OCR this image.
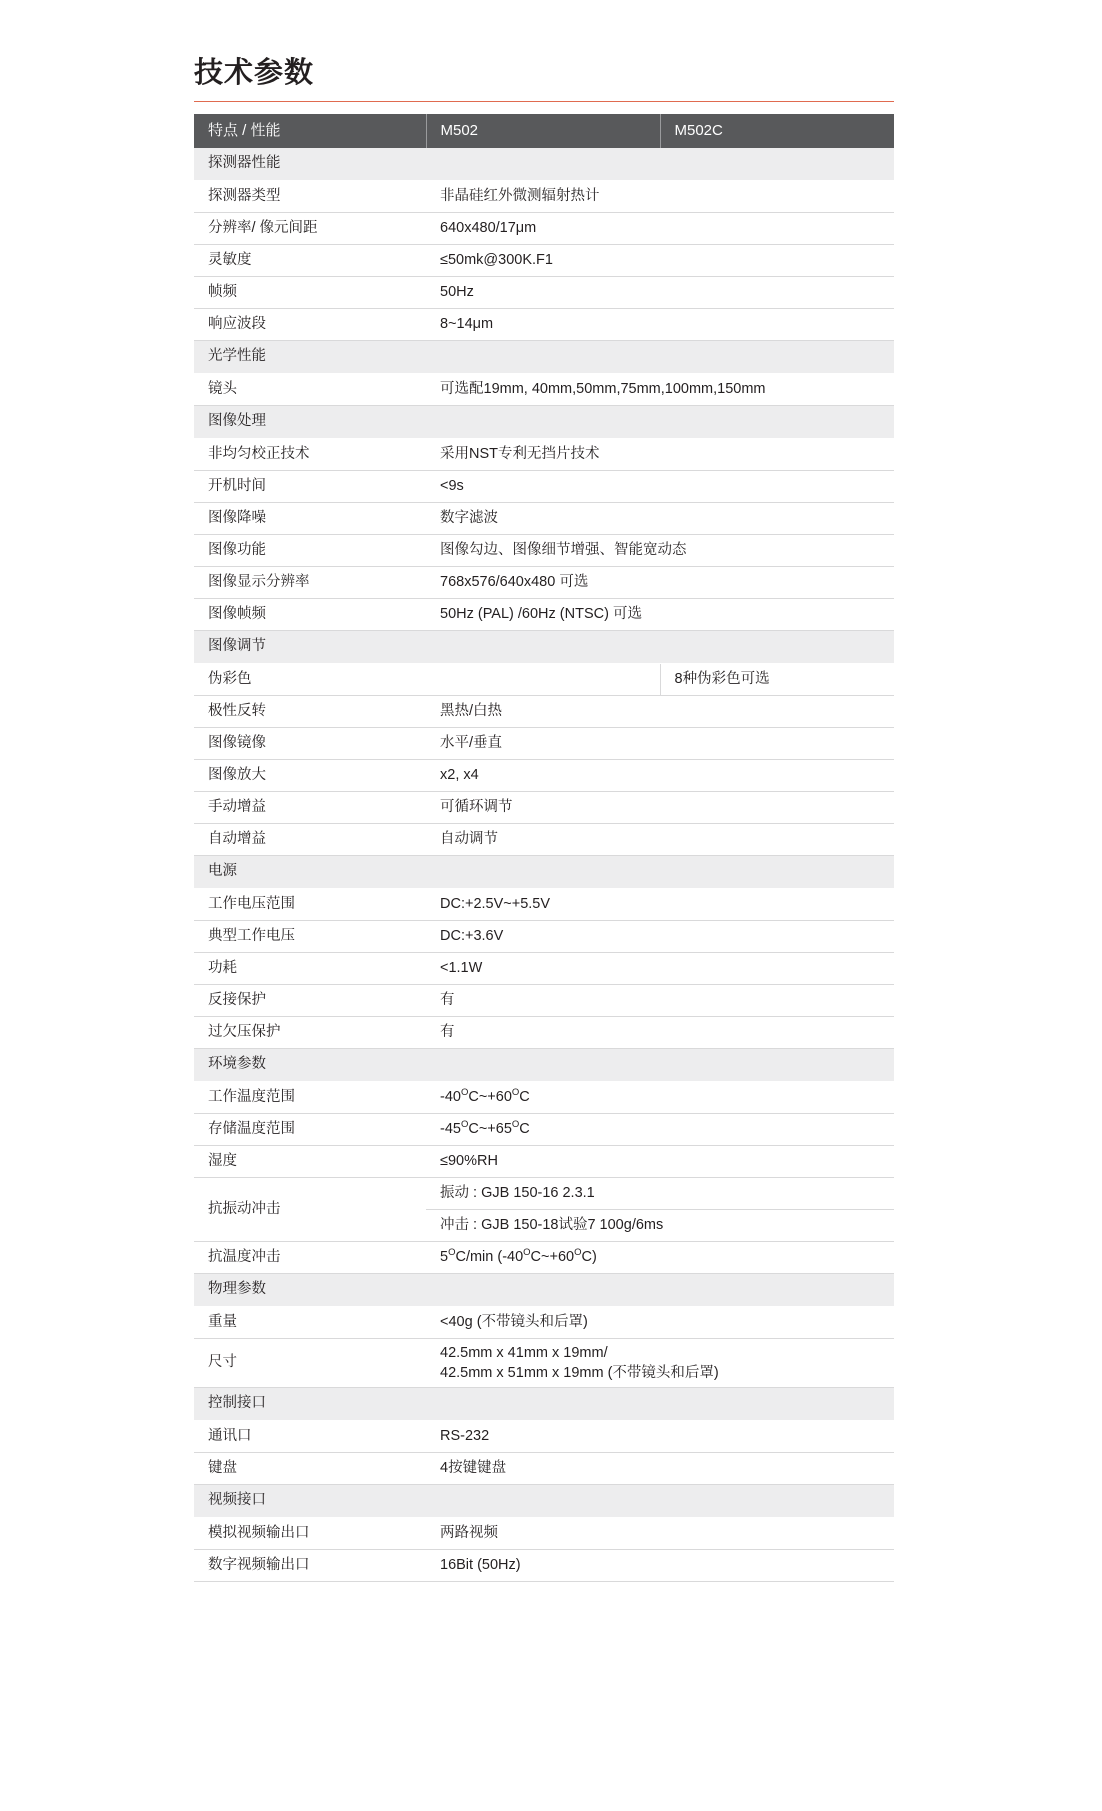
技术参数
特点 / 性能	M502	M502C
探测器性能		
探测器类型	非晶硅红外微测辐射热计	
分辨率/ 像元间距	640x480/17μm	
灵敏度	≤50mk@300K.F1	
帧频	50Hz	
响应波段	8~14μm	
光学性能		
镜头	可选配19mm, 40mm,50mm,75mm,100mm,150mm	
图像处理		
非均匀校正技术	采用NST专利无挡片技术	
开机时间	<9s	
图像降噪	数字滤波	
图像功能	图像勾边、图像细节增强、智能宽动态	
图像显示分辨率	768x576/640x480 可选	
图像帧频	50Hz (PAL) /60Hz (NTSC) 可选	
图像调节		
伪彩色		8种伪彩色可选
极性反转	黑热/白热	
图像镜像	水平/垂直	
图像放大	x2, x4	
手动增益	可循环调节	
自动增益	自动调节	
电源		
工作电压范围	DC:+2.5V~+5.5V	
典型工作电压	DC:+3.6V	
功耗	<1.1W	
反接保护	有	
过欠压保护	有	
环境参数		
工作温度范围	$-40^OC\sim+60^OC$	
存储温度范围	$-45^OC\sim+65^OC$	
湿度	≤90%RH	
抗振动冲击	振动 : GJB 150-16 2.3.1	
	冲击 : GJB 150-18试验7 100g/6ms	
抗温度冲击	$5^OC/\min$ $(-40^OC\sim+60^OC)$	
物理参数		
重量	<40g (不带镜头和后罩)	
尺寸	42.5mm x 41mm x 19mm/
42.5mm x 51mm x 19mm (不带镜头和后罩)	

控制接口		
通讯口	RS-232	
键盘	4按键键盘	
视频接口		
模拟视频输出口	两路视频	
数字视频输出口	16Bit (50Hz)	
